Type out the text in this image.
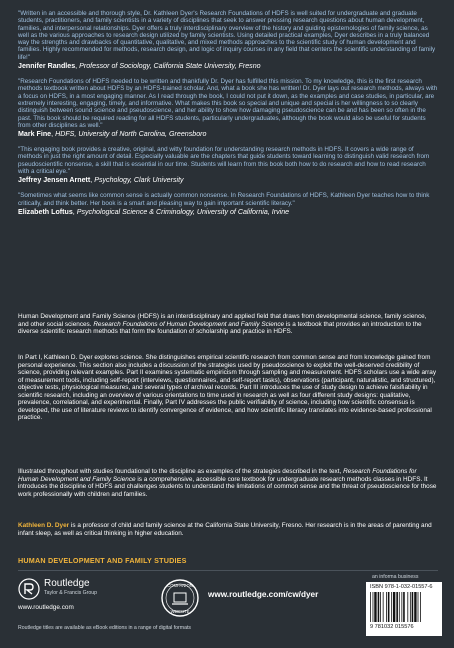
"Written in an accessible and thorough style, Dr. Kathleen Dyer's Research Foundations of HDFS is well suited for undergraduate and graduate students, practitioners, and family scientists in a variety of disciplines that seek to answer pressing research questions about human development, families, and interpersonal relationships. Dyer offers a truly interdisciplinary overview of the history and guiding epistemologies of family science, as well as the various approaches to research design utilized by family scientists. Using detailed practical examples, Dyer describes in a truly balanced way the strengths and drawbacks of quantitative, qualitative, and mixed methods approaches to the scientific study of human development and families. Highly recommended for methods, research design, and logic of inquiry courses in any field that centers the scientific understanding of family life!"

Jennifer Randles, Professor of Sociology, California State University, Fresno

"Research Foundations of HDFS needed to be written and thankfully Dr. Dyer has fulfilled this mission. To my knowledge, this is the first research methods textbook written about HDFS by an HDFS-trained scholar. And, what a book she has written! Dr. Dyer lays out research methods, always with a focus on HDFS, in a most engaging manner. As I read through the book, I could not put it down, as the examples and case studies, in particular, are extremely interesting, engaging, timely, and informative. What makes this book so special and unique and special is her willingness to so clearly distinguish between sound science and pseudoscience, and her ability to show how damaging pseudoscience can be and has been so often in the past. This book should be required reading for all HDFS students, particularly undergraduates, although the book would also be useful for students from other disciplines as well."

Mark Fine, HDFS, University of North Carolina, Greensboro

"This engaging book provides a creative, original, and witty foundation for understanding research methods in HDFS. It covers a wide range of methods in just the right amount of detail. Especially valuable are the chapters that guide students toward learning to distinguish valid research from pseudoscientific nonsense, a skill that is essential in our time. Students will learn from this book both how to do research and how to read research with a critical eye."

Jeffrey Jensen Arnett, Psychology, Clark University

"Sometimes what seems like common sense is actually common nonsense. In Research Foundations of HDFS, Kathleen Dyer teaches how to think critically, and think better. Her book is a smart and pleasing way to gain important scientific literacy."

Elizabeth Loftus, Psychological Science & Criminology, University of California, Irvine

Human Development and Family Science (HDFS) is an interdisciplinary and applied field that draws from developmental science, family science, and other social sciences. Research Foundations of Human Development and Family Science is a textbook that provides an introduction to the diverse scientific research methods that form the foundation of scholarship and practice in HDFS.

In Part I, Kathleen D. Dyer explores science. She distinguishes empirical scientific research from common sense and from knowledge gained from personal experience. This section also includes a discussion of the strategies used by pseudoscience to exploit the well-deserved credibility of science, providing relevant examples. Part II examines systematic empiricism through sampling and measurement. HDFS scholars use a wide array of measurement tools, including self-report (interviews, questionnaires, and self-report tasks), observations (participant, naturalistic, and structured), objective tests, physiological measures, and several types of archival records. Part III introduces the use of study design to achieve falsifiability in scientific research, including an overview of various orientations to time used in research as well as four different study designs: qualitative, prevalence, correlational, and experimental. Finally, Part IV addresses the public verifiability of science, including how scientific consensus is developed, the use of literature reviews to identify convergence of evidence, and how scientific literacy translates into evidence-based professional practice.

Illustrated throughout with studies foundational to the discipline as examples of the strategies described in the text, Research Foundations for Human Development and Family Science is a comprehensive, accessible core textbook for undergraduate research methods classes in HDFS. It introduces the discipline of HDFS and challenges students to understand the limitations of common sense and the threat of pseudoscience for those work professionally with children and families.

Kathleen D. Dyer is a professor of child and family science at the California State University, Fresno. Her research is in the areas of parenting and infant sleep, as well as critical thinking in higher education.

HUMAN DEVELOPMENT AND FAMILY STUDIES
Routledge
Taylor & Francis Group
www.routledge.com
COMPANION
WEBSITE
www.routledge.com/cw/dyer
an informa business
ISBN 978-1-032-01557-6
9 781032 015576
Routledge titles are available as eBook editions in a range of digital formats
